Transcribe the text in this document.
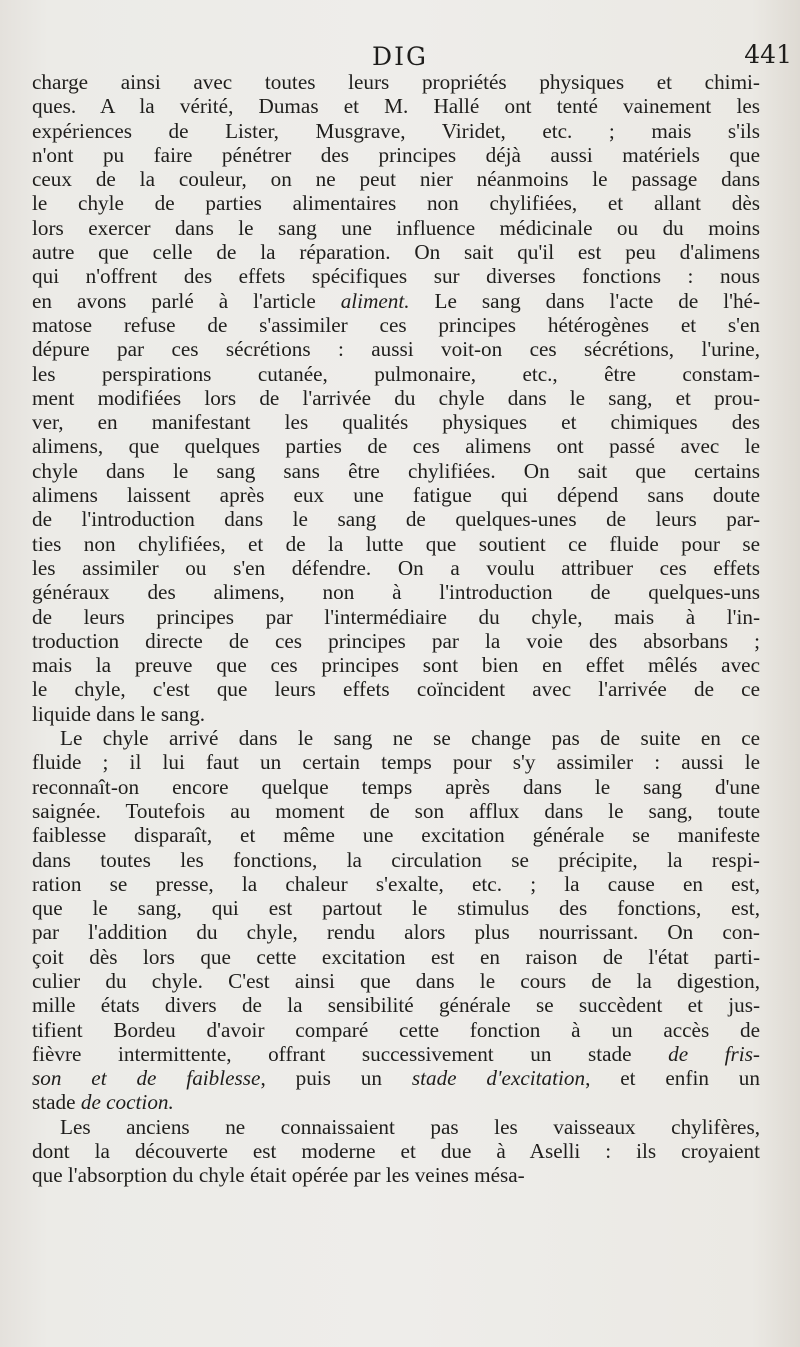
DIG	441
charge ainsi avec toutes leurs propriétés physiques et chimi-
ques. A la vérité, Dumas et M. Hallé ont tenté vainement les
expériences de Lister, Musgrave, Viridet, etc. ; mais s'ils
n'ont pu faire pénétrer des principes déjà aussi matériels que
ceux de la couleur, on ne peut nier néanmoins le passage dans
le chyle de parties alimentaires non chylifiées, et allant dès
lors exercer dans le sang une influence médicinale ou du moins
autre que celle de la réparation. On sait qu'il est peu d'alimens
qui n'offrent des effets spécifiques sur diverses fonctions : nous
en avons parlé à l'article aliment. Le sang dans l'acte de l'hé-
matose refuse de s'assimiler ces principes hétérogènes et s'en
dépure par ces sécrétions : aussi voit-on ces sécrétions, l'urine,
les perspirations cutanée, pulmonaire, etc., être constam-
ment modifiées lors de l'arrivée du chyle dans le sang, et prou-
ver, en manifestant les qualités physiques et chimiques des
alimens, que quelques parties de ces alimens ont passé avec le
chyle dans le sang sans être chylifiées. On sait que certains
alimens laissent après eux une fatigue qui dépend sans doute
de l'introduction dans le sang de quelques-unes de leurs par-
ties non chylifiées, et de la lutte que soutient ce fluide pour se
les assimiler ou s'en défendre. On a voulu attribuer ces effets
généraux des alimens, non à l'introduction de quelques-uns
de leurs principes par l'intermédiaire du chyle, mais à l'in-
troduction directe de ces principes par la voie des absorbans ;
mais la preuve que ces principes sont bien en effet mêlés avec
le chyle, c'est que leurs effets coïncident avec l'arrivée de ce
liquide dans le sang.
Le chyle arrivé dans le sang ne se change pas de suite en ce
fluide ; il lui faut un certain temps pour s'y assimiler : aussi le
reconnaît-on encore quelque temps après dans le sang d'une
saignée. Toutefois au moment de son afflux dans le sang, toute
faiblesse disparaît, et même une excitation générale se manifeste
dans toutes les fonctions, la circulation se précipite, la respi-
ration se presse, la chaleur s'exalte, etc. ; la cause en est,
que le sang, qui est partout le stimulus des fonctions, est,
par l'addition du chyle, rendu alors plus nourrissant. On con-
çoit dès lors que cette excitation est en raison de l'état parti-
culier du chyle. C'est ainsi que dans le cours de la digestion,
mille états divers de la sensibilité générale se succèdent et jus-
tifient Bordeu d'avoir comparé cette fonction à un accès de
fièvre intermittente, offrant successivement un stade de fris-
son et de faiblesse, puis un stade d'excitation, et enfin un
stade de coction.
Les anciens ne connaissaient pas les vaisseaux chylifères,
dont la découverte est moderne et due à Aselli : ils croyaient
que l'absorption du chyle était opérée par les veines mésa-
